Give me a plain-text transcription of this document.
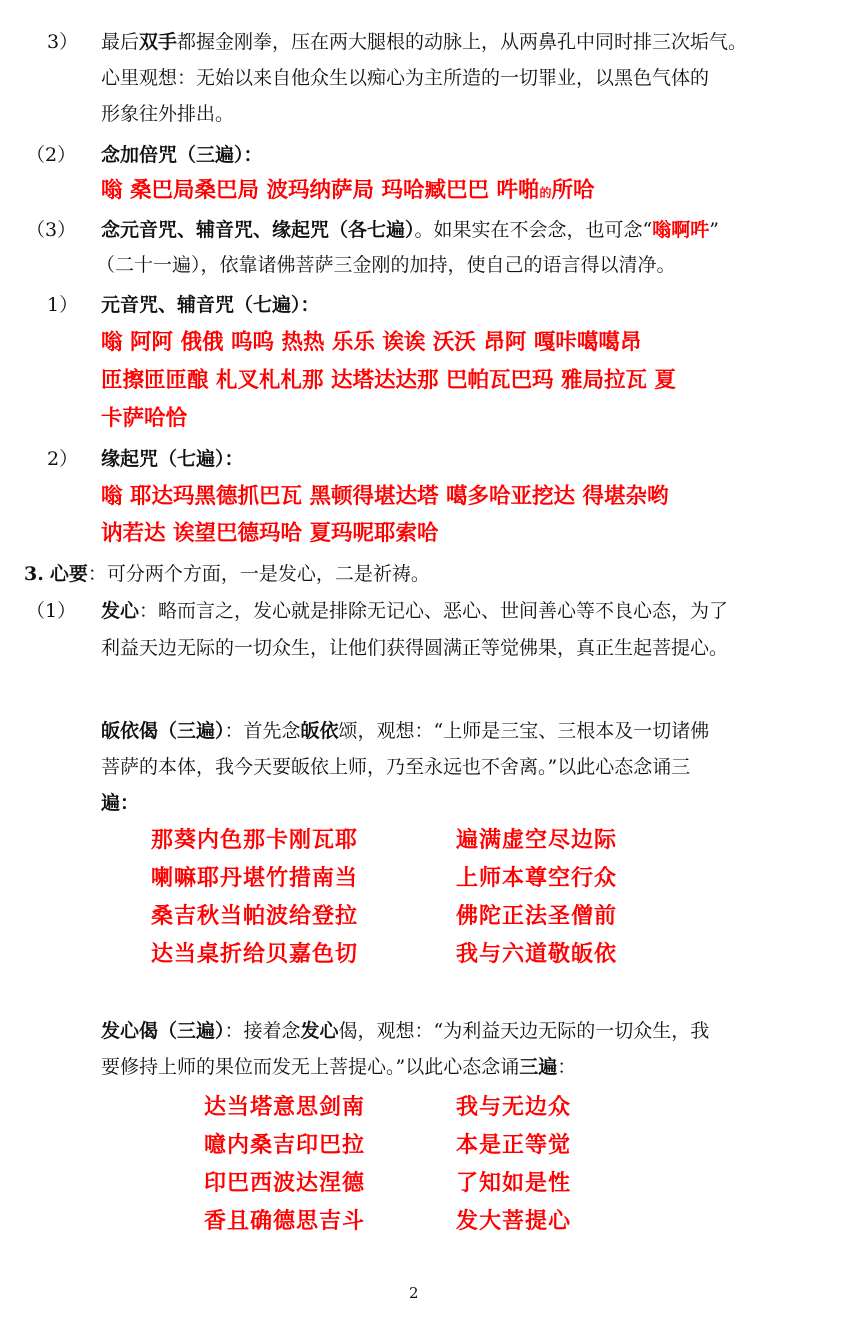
3） 最后双手都握金刚拳，压在两大腿根的动脉上，从两鼻孔中同时排三次垢气。
心里观想：无始以来自他众生以痴心为主所造的一切罪业，以黑色气体的
形象往外排出。
（2） 念加倍咒（三遍）：
嗡 桑巴局桑巴局 波玛纳萨局 玛哈臧巴巴 吽啪的所哈
（3） 念元音咒、辅音咒、缘起咒（各七遍）。如果实在不会念，也可念“嗡啊吽”
（二十一遍），依靠诸佛菩萨三金刚的加持，使自己的语言得以清净。
1） 元音咒、辅音咒（七遍）：
嗡 阿阿 俄俄 呜呜 热热 乐乐 诶诶 沃沃 昂阿 嘎咔噶噶昂
匝擦匝匝酿 札叉札札那 达塔达达那 巴帕瓦巴玛 雅局拉瓦 夏
卡萨哈恰
2） 缘起咒（七遍）：
嗡 耶达玛黑德抓巴瓦 黑顿得堪达塔 噶多哈亚挖达 得堪杂哟
讷若达 诶望巴德玛哈 夏玛呢耶索哈
3. 心要：可分两个方面，一是发心，二是祈祷。
（1） 发心：略而言之，发心就是排除无记心、恶心、世间善心等不良心态，为了
利益天边无际的一切众生，让他们获得圆满正等觉佛果，真正生起菩提心。
皈依偈（三遍）：首先念皈依颂，观想：“上师是三宝、三根本及一切诸佛
菩萨的本体，我今天要皈依上师，乃至永远也不舍离。”以此心态念诵三
遍：
那葵内色那卡刚瓦耶	遍满虚空尽边际
喇嘛耶丹堪竹措南当	上师本尊空行众
桑吉秋当帕波给登拉	佛陀正法圣僧前
达当桌折给贝嘉色切	我与六道敬皈依
发心偈（三遍）：接着念发心偈，观想：“为利益天边无际的一切众生，我
要修持上师的果位而发无上菩提心。”以此心态念诵三遍：
达当塔意思剑南	我与无边众
噫内桑吉印巴拉	本是正等觉
印巴西波达涅德	了知如是性
香且确德思吉斗	发大菩提心
2
